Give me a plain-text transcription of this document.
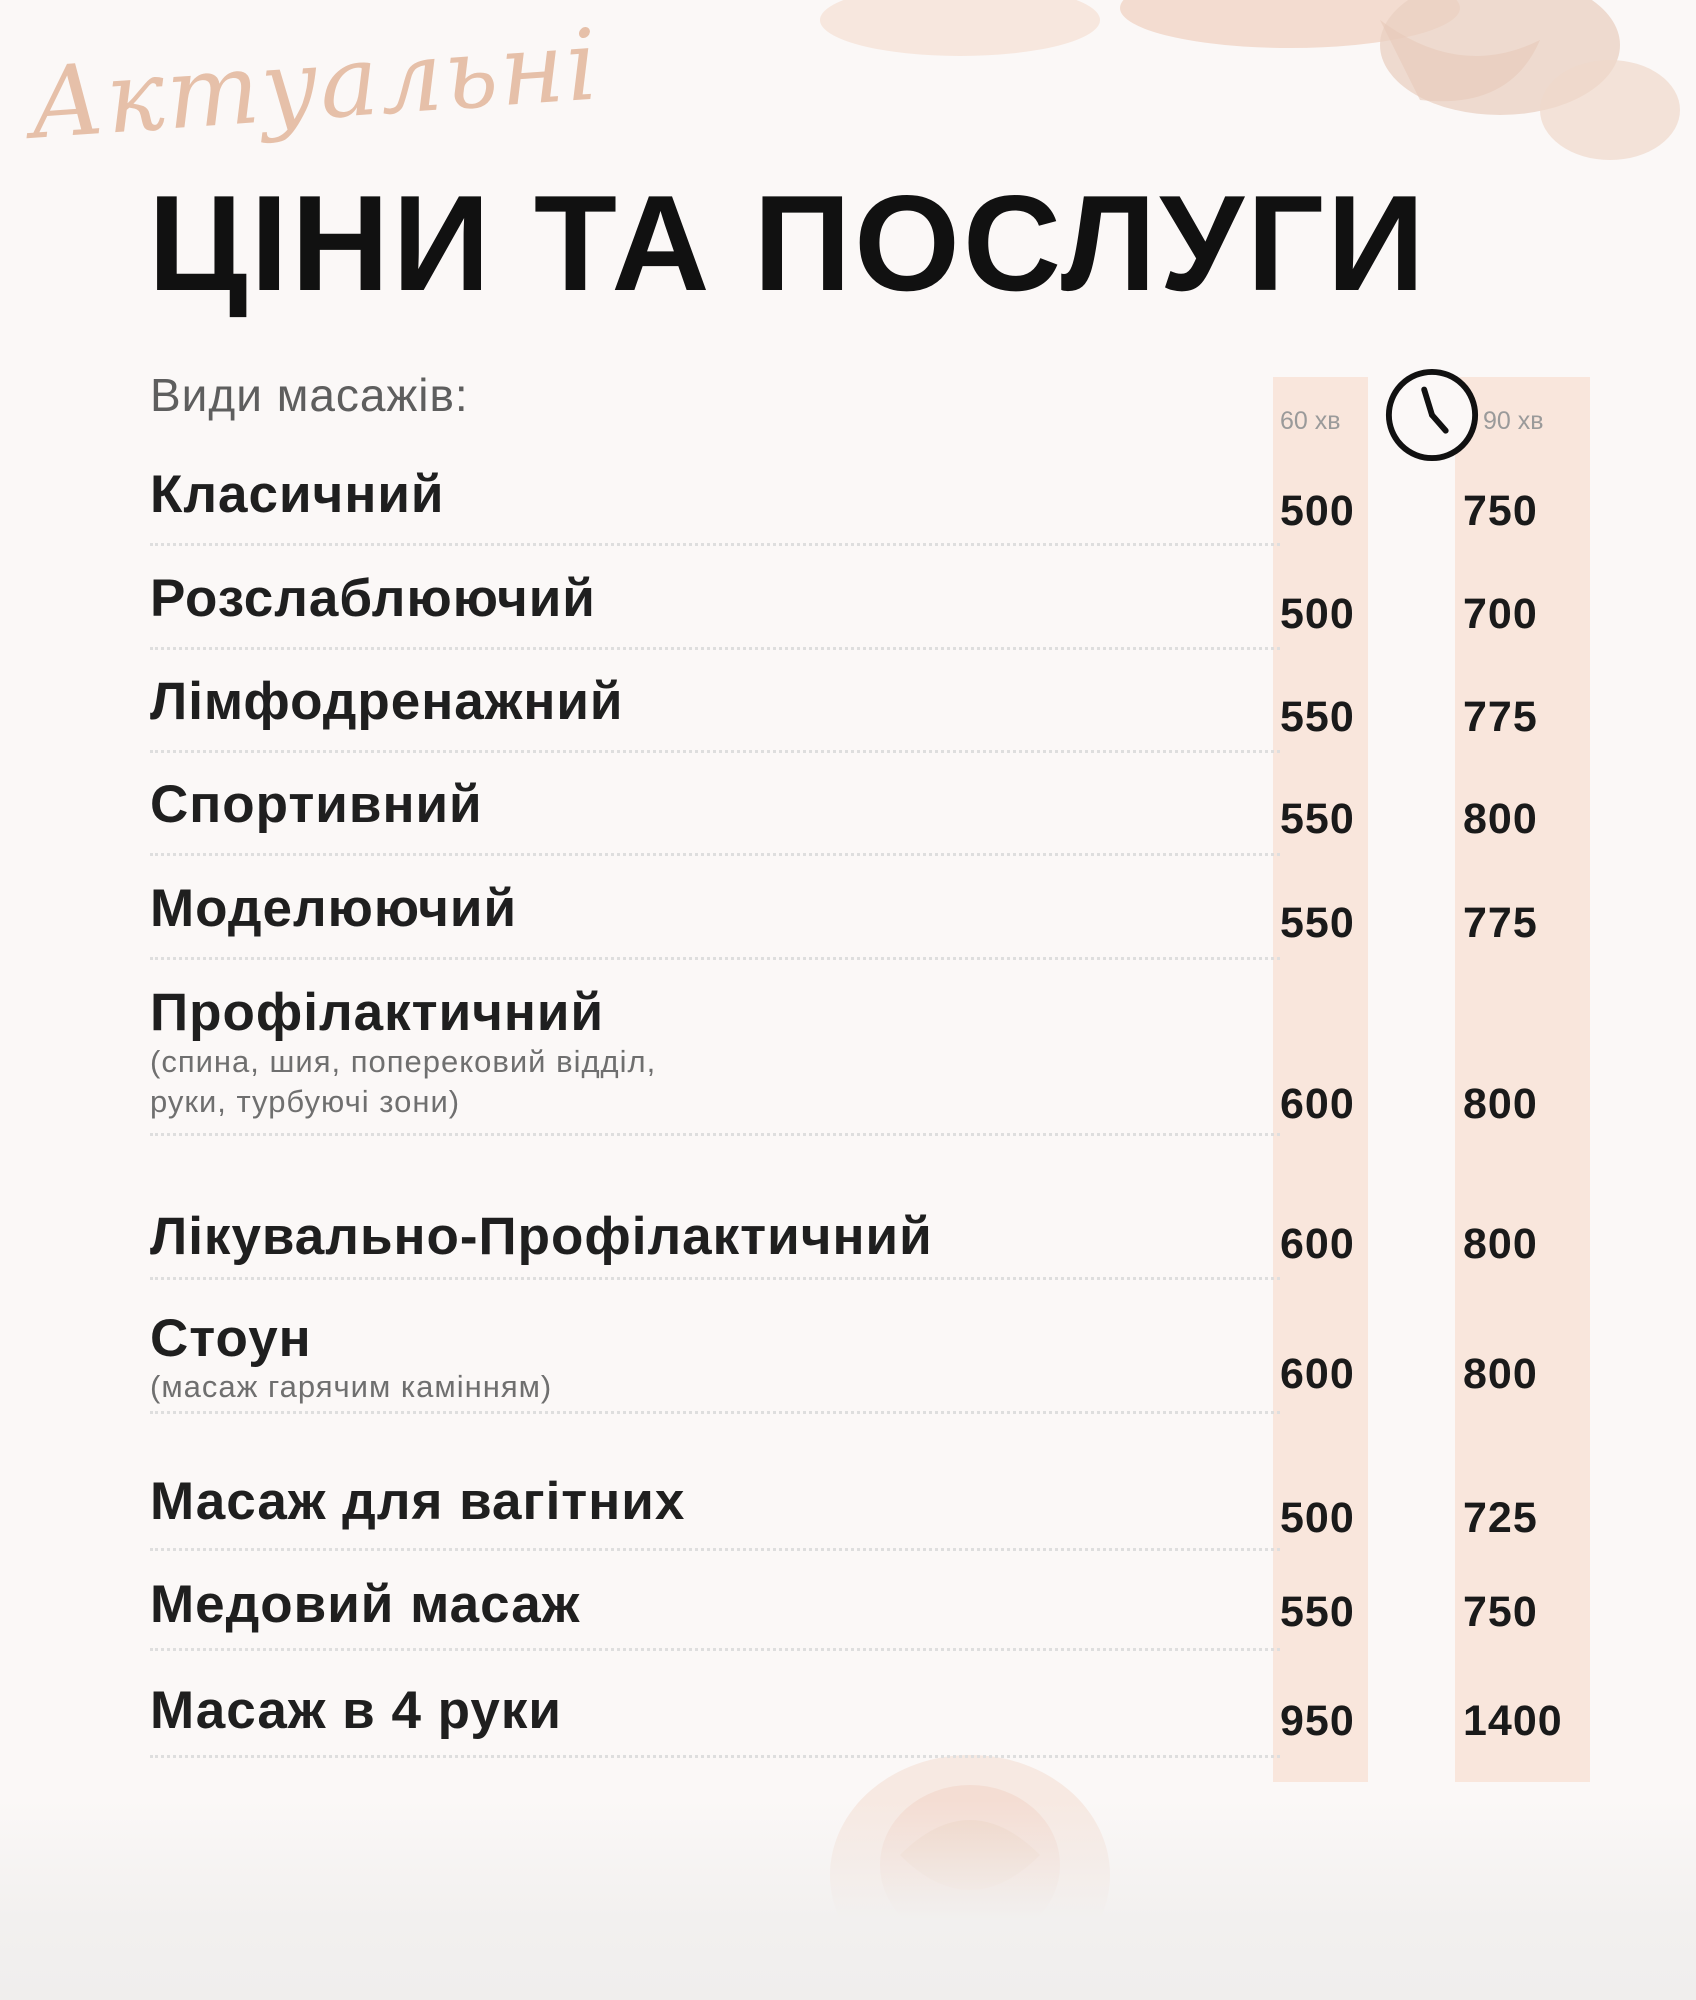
Актуальні
ЦІНИ ТА ПОСЛУГИ
Види масажів:	60 хв	90 хв
Класичний	500	750
Розслаблюючий	500	700
Лімфодренажний	550	775
Спортивний	550	800
Моделюючий	550	775
Профілактичний
(спина, шия, поперековий відділ,
руки, турбуючі зони)	600	800
Лікувально-Профілактичний	600	800
Стоун
(масаж гарячим камінням)	600	800
Масаж для вагітних	500	725
Медовий масаж	550	750
Масаж в 4 руки	950	1400
